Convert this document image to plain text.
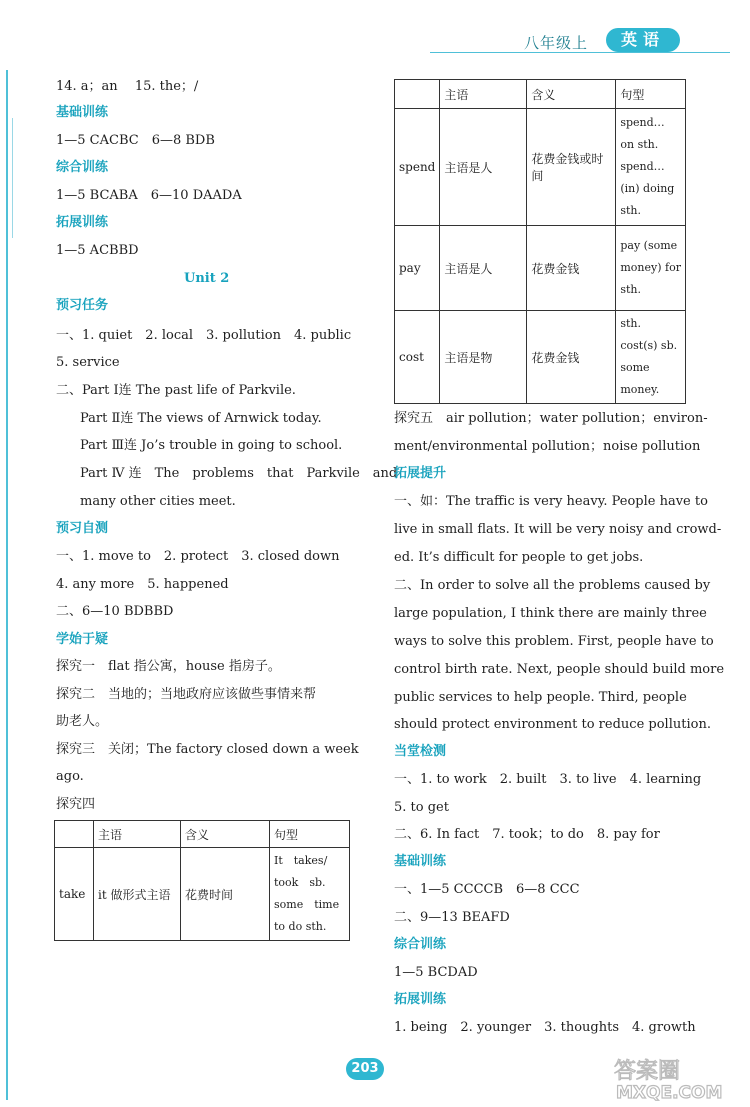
八年级上	英语
14. a；an　 15. the；/
基础训练
1—5 CACBC　6—8 BDB
综合训练
1—5 BCABA　6—10 DAADA
拓展训练
1—5 ACBBD
Unit 2
预习任务
一、1. quiet　2. local　3. pollution　4. public
5. service
二、Part Ⅰ连 The past life of Parkvile.
Part Ⅱ连 The views of Arnwick today.
Part Ⅲ连 Jo’s trouble in going to school.
Part Ⅳ 连　The　problems　that　Parkvile　and
many other cities meet.
预习自测
一、1. move to　2. protect　3. closed down
4. any more　5. happened
二、6—10 BDBBD
学始于疑
探究一　flat 指公寓，house 指房子。
探究二　当地的；当地政府应该做些事情来帮
助老人。
探究三　关闭；The factory closed down a week
ago.
探究四
	主语	含义	句型
take	it 做形式主语	花费时间	It　takes/ took　sb. some　time to do sth.
	主语	含义	句型
spend	主语是人	花费金钱或时间	spend… on sth. spend… (in) doing sth.
pay	主语是人	花费金钱	pay (some money) for sth.
cost	主语是物	花费金钱	sth. cost(s) sb.　some money.
探究五　air pollution；water pollution；environ-
ment/environmental pollution；noise pollution
拓展提升
一、如：The traffic is very heavy. People have to
live in small flats. It will be very noisy and crowd-
ed. It’s difficult for people to get jobs.
二、In order to solve all the problems caused by
large population, I think there are mainly three
ways to solve this problem. First, people have to
control birth rate. Next, people should build more
public services to help people. Third, people
should protect environment to reduce pollution.
当堂检测
一、1. to work　2. built　3. to live　4. learning
5. to get
二、6. In fact　7. took；to do　8. pay for
基础训练
一、1—5 CCCCB　6—8 CCC
二、9—13 BEAFD
综合训练
1—5 BCDAD
拓展训练
1. being　2. younger　3. thoughts　4. growth
203	答案圈
MXQE.COM
